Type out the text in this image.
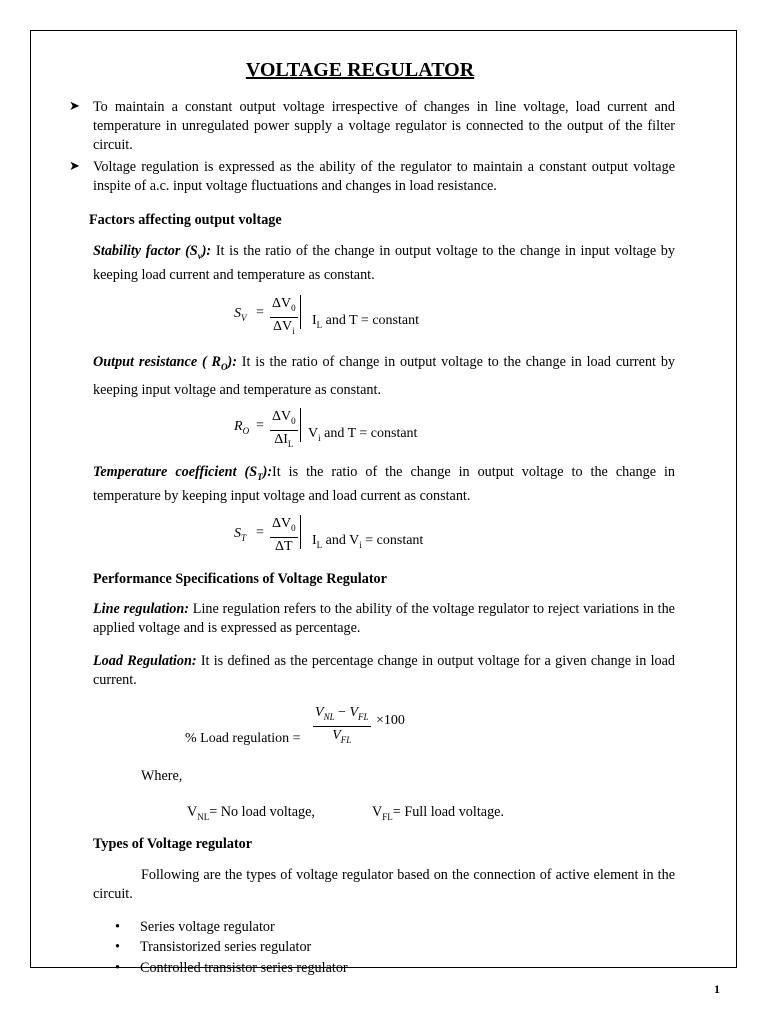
VOLTAGE REGULATOR
➤ To maintain a constant output voltage irrespective of changes in line voltage, load current and temperature in unregulated power supply a voltage regulator is connected to the output of the filter circuit.
➤ Voltage regulation is expressed as the ability of the regulator to maintain a constant output voltage inspite of a.c. input voltage fluctuations and changes in load resistance.
Factors affecting output voltage
Stability factor $(S_v)$: It is the ratio of the change in output voltage to the change in input voltage by keeping load current and temperature as constant.
$S_V$ =
$\Delta V_0$
$\Delta V_i$
$I_L$ and T = constant
Output resistance ( $R_O$): It is the ratio of change in output voltage to the change in load current by keeping input voltage and temperature as constant.
$R_O$ =
$\Delta V_0$
$\Delta I_L$
$V_i$ and T = constant
Temperature coefficient $(S_T):It$ is the ratio of the change in output voltage to the change in temperature by keeping input voltage and load current as constant.
$S_T = \frac{\Delta V_0}{\Delta T} I_L$ and $V_i$ = constant
Performance Specifications of Voltage Regulator
Line regulation: Line regulation refers to the ability of the voltage regulator to reject variations in the applied voltage and is expressed as percentage.
Load Regulation: It is defined as the percentage change in output voltage for a given change in load current.
% Load regulation =
$V_{NL} - V_{FL}$
$V_{FL}$
×100
Where,
$V_{NL}= No$ load voltage,	$V_{FL}=$ Full load voltage.
Types of Voltage regulator
Following are the types of voltage regulator based on the connection of active element in the circuit.
• Series voltage regulator
• Transistorized series regulator
• Controlled transistor series regulator
1
